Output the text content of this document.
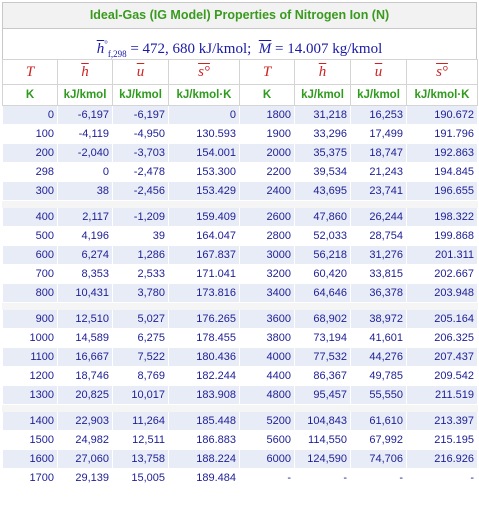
Ideal-Gas (IG Model) Properties of Nitrogen Ion (N)
$\overline{h}^\circ_{f,298} = 472$, 680 kJ/kmol; $\overline{M} = 14.007$ kg/kmol
T	$\overline{h}$	$\overline{u}$	s°	T	$\overline{h}$	$\overline{u}$	s°
K	kJ/kmol	kJ/kmol	kJ/kmol·K	K	kJ/kmol	kJ/kmol	kJ/kmol·K
0	-6,197	-6,197	0	1800	31,218	16,253	190.672
100	-4,119	-4,950	130.593	1900	33,296	17,499	191.796
200	-2,040	-3,703	154.001	2000	35,375	18,747	192.863
298	0	-2,478	153.300	2200	39,534	21,243	194.845
300	38	-2,456	153.429	2400	43,695	23,741	196.655

400	2,117	-1,209	159.409	2600	47,860	26,244	198.322
500	4,196	39	164.047	2800	52,033	28,754	199.868
600	6,274	1,286	167.837	3000	56,218	31,276	201.311
700	8,353	2,533	171.041	3200	60,420	33,815	202.667
800	10,431	3,780	173.816	3400	64,646	36,378	203.948

900	12,510	5,027	176.265	3600	68,902	38,972	205.164
1000	14,589	6,275	178.455	3800	73,194	41,601	206.325
1100	16,667	7,522	180.436	4000	77,532	44,276	207.437
1200	18,746	8,769	182.244	4400	86,367	49,785	209.542
1300	20,825	10,017	183.908	4800	95,457	55,550	211.519

1400	22,903	11,264	185.448	5200	104,843	61,610	213.397
1500	24,982	12,511	186.883	5600	114,550	67,992	215.195
1600	27,060	13,758	188.224	6000	124,590	74,706	216.926
1700	29,139	15,005	189.484	-	-	-	-
